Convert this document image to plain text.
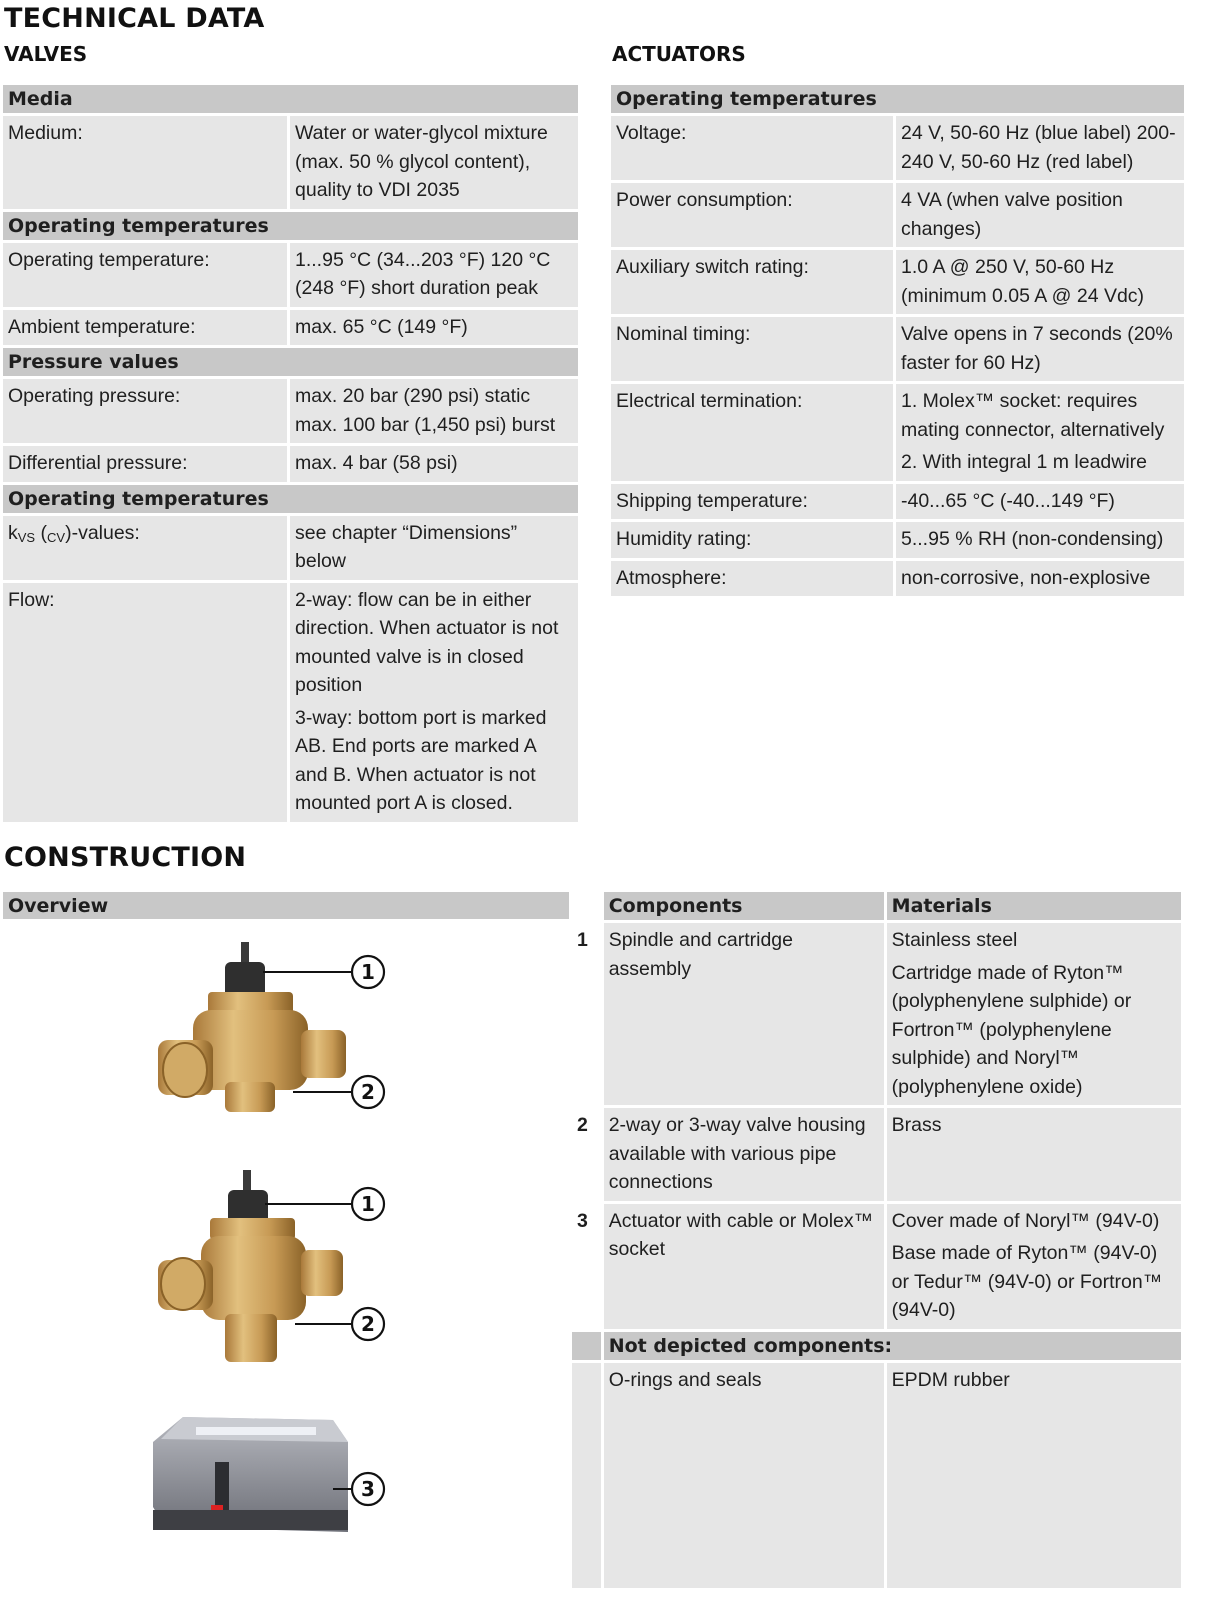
TECHNICAL DATA
VALVES	ACTUATORS
Media	
Medium:	Water or water-glycol mixture (max. 50 % glycol content), quality to VDI 2035
Operating temperatures	
Operating temperature:	1...95 °C (34...203 °F) 120 °C (248 °F) short duration peak
Ambient temperature:	max. 65 °C (149 °F)
Pressure values	
Operating pressure:	max. 20 bar (290 psi) static max. 100 bar (1,450 psi) burst
Differential pressure:	max. 4 bar (58 psi)
Operating temperatures	
$k_{VS}$ $(_{CV})$-values:	see chapter “Dimensions” below
Flow:	2-way: flow can be in either direction. When actuator is not mounted valve is in closed position
3-way: bottom port is marked AB. End ports are marked A and B. When actuator is not mounted port A is closed.
Operating temperatures	
Voltage:	24 V, 50-60 Hz (blue label) 200-240 V, 50-60 Hz (red label)
Power consumption:	4 VA (when valve position changes)
Auxiliary switch rating:	1.0 A @ 250 V, 50-60 Hz (minimum 0.05 A @ 24 Vdc)
Nominal timing:	Valve opens in 7 seconds (20% faster for 60 Hz)
Electrical termination:	1. Molex™ socket: requires mating connector, alternatively
2. With integral 1 m leadwire

Shipping temperature:	-40...65 °C (-40...149 °F)
Humidity rating:	5...95 % RH (non-condensing)
Atmosphere:	non-corrosive, non-explosive
CONSTRUCTION
Overview
1
2
1
2
3
	Components	Materials
1	Spindle and cartridge assembly	Stainless steel
Cartridge made of Ryton™ (polyphenylene sulphide) or Fortron™ (polyphenylene sulphide) and Noryl™ (polyphenylene oxide)

2	2-way or 3-way valve housing available with various pipe connections	Brass

3	Actuator with cable or Molex™ socket	Cover made of Noryl™ (94V-0)
Base made of Ryton™ (94V-0) or Tedur™ (94V-0) or Fortron™ (94V-0)

	Not depicted components:	
	O-rings and seals	EPDM rubber
